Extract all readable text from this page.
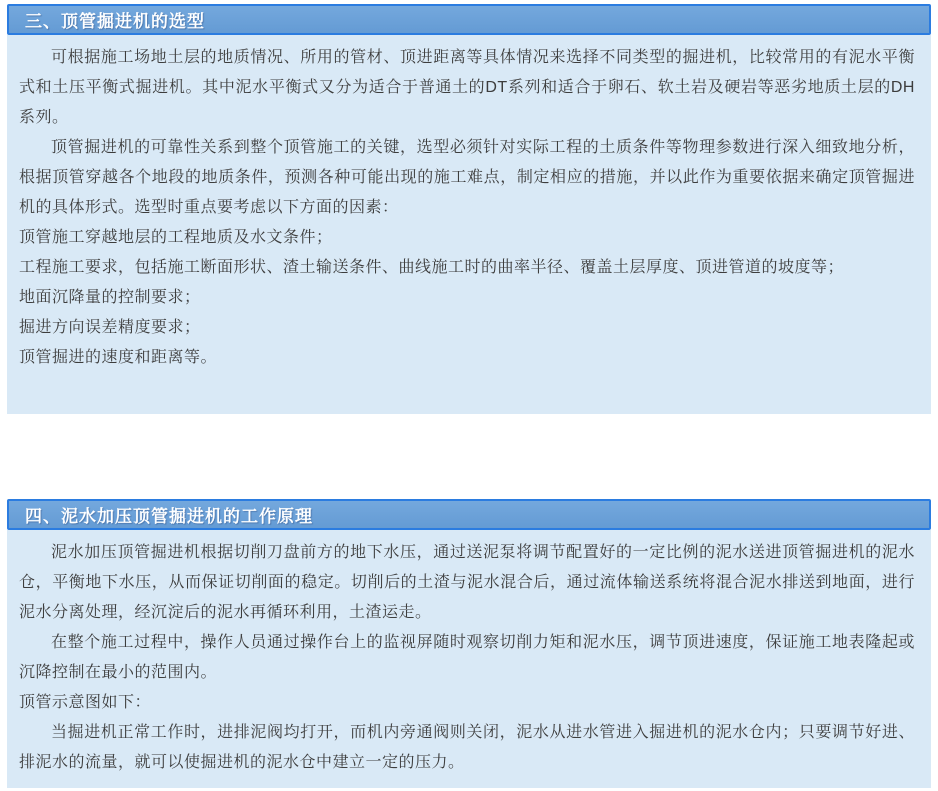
三、顶管掘进机的选型

可根据施工场地土层的地质情况、所用的管材、顶进距离等具体情况来选择不同类型的掘进机，比较常用的有泥水平衡式和土压平衡式掘进机。其中泥水平衡式又分为适合于普通土的DT系列和适合于卵石、软土岩及硬岩等恶劣地质土层的DH系列。

顶管掘进机的可靠性关系到整个顶管施工的关键，选型必须针对实际工程的土质条件等物理参数进行深入细致地分析，根据顶管穿越各个地段的地质条件，预测各种可能出现的施工难点，制定相应的措施，并以此作为重要依据来确定顶管掘进机的具体形式。选型时重点要考虑以下方面的因素：

顶管施工穿越地层的工程地质及水文条件；

工程施工要求，包括施工断面形状、渣土输送条件、曲线施工时的曲率半径、覆盖土层厚度、顶进管道的坡度等；

地面沉降量的控制要求；

掘进方向误差精度要求；

顶管掘进的速度和距离等。

四、泥水加压顶管掘进机的工作原理

泥水加压顶管掘进机根据切削刀盘前方的地下水压，通过送泥泵将调节配置好的一定比例的泥水送进顶管掘进机的泥水仓，平衡地下水压，从而保证切削面的稳定。切削后的土渣与泥水混合后，通过流体输送系统将混合泥水排送到地面，进行泥水分离处理，经沉淀后的泥水再循环利用，土渣运走。

在整个施工过程中，操作人员通过操作台上的监视屏随时观察切削力矩和泥水压，调节顶进速度，保证施工地表隆起或沉降控制在最小的范围内。

顶管示意图如下：

当掘进机正常工作时，进排泥阀均打开，而机内旁通阀则关闭，泥水从进水管进入掘进机的泥水仓内；只要调节好进、排泥水的流量，就可以使掘进机的泥水仓中建立一定的压力。
